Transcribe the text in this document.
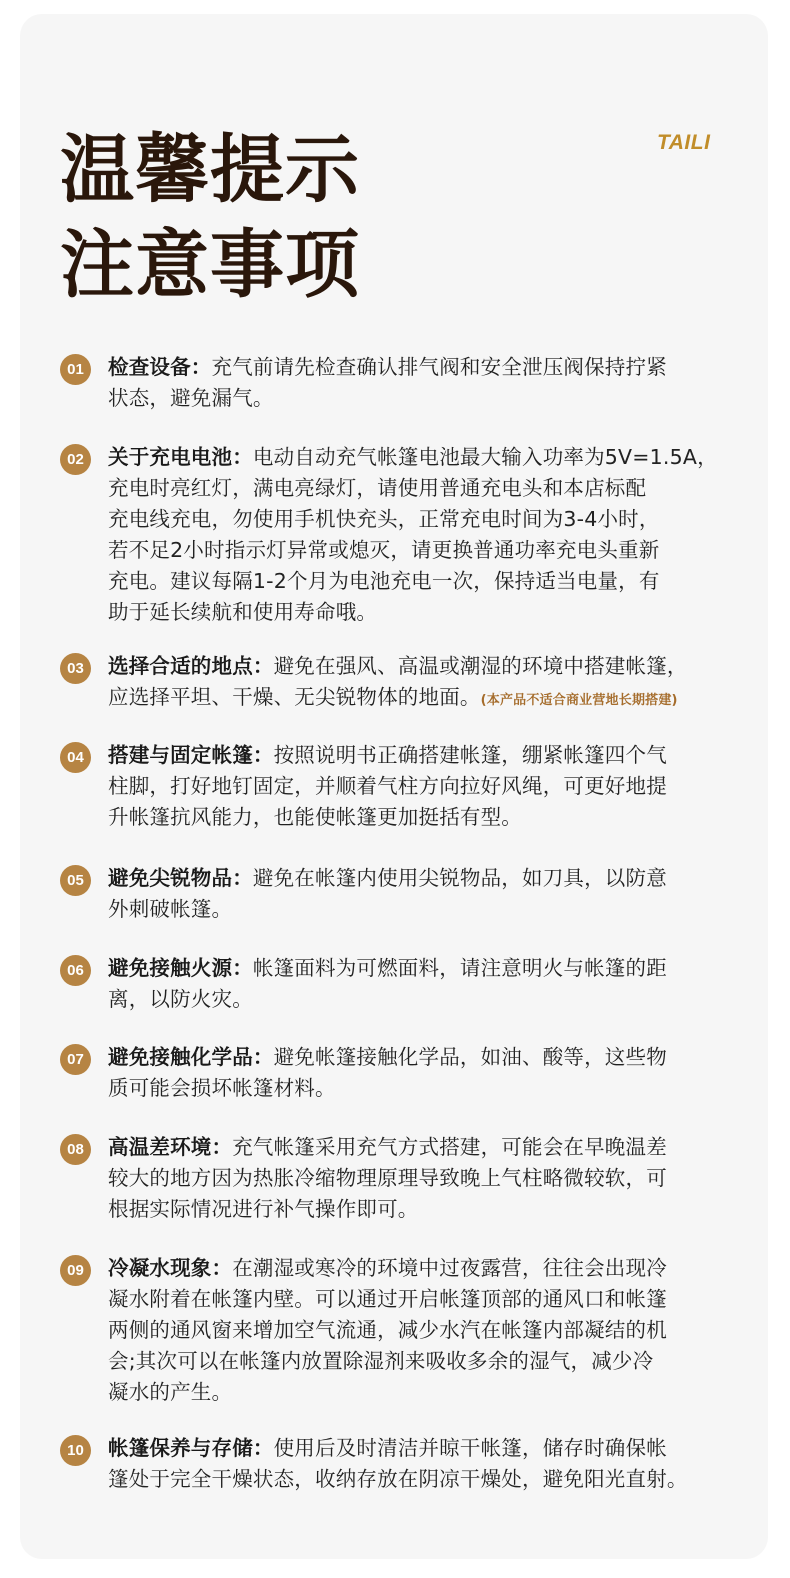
TAILI
温馨提示
注意事项
01	检查设备：充气前请先检查确认排气阀和安全泄压阀保持拧紧
状态，避免漏气。
02	关于充电电池：电动自动充气帐篷电池最大输入功率为5V=1.5A，
充电时亮红灯，满电亮绿灯，请使用普通充电头和本店标配
充电线充电，勿使用手机快充头，正常充电时间为3-4小时，
若不足2小时指示灯异常或熄灭，请更换普通功率充电头重新
充电。建议每隔1-2个月为电池充电一次，保持适当电量，有
助于延长续航和使用寿命哦。
03	选择合适的地点：避免在强风、高温或潮湿的环境中搭建帐篷，
应选择平坦、干燥、无尖锐物体的地面。(本产品不适合商业营地长期搭建)
04	搭建与固定帐篷：按照说明书正确搭建帐篷，绷紧帐篷四个气
柱脚，打好地钉固定，并顺着气柱方向拉好风绳，可更好地提
升帐篷抗风能力，也能使帐篷更加挺括有型。
05	避免尖锐物品：避免在帐篷内使用尖锐物品，如刀具，以防意
外刺破帐篷。
06	避免接触火源：帐篷面料为可燃面料，请注意明火与帐篷的距
离，以防火灾。
07	避免接触化学品：避免帐篷接触化学品，如油、酸等，这些物
质可能会损坏帐篷材料。
08	高温差环境：充气帐篷采用充气方式搭建，可能会在早晚温差
较大的地方因为热胀冷缩物理原理导致晚上气柱略微较软，可
根据实际情况进行补气操作即可。
09	冷凝水现象：在潮湿或寒冷的环境中过夜露营，往往会出现冷
凝水附着在帐篷内壁。可以通过开启帐篷顶部的通风口和帐篷
两侧的通风窗来增加空气流通，减少水汽在帐篷内部凝结的机
会;其次可以在帐篷内放置除湿剂来吸收多余的湿气，减少冷
凝水的产生。
10	帐篷保养与存储：使用后及时清洁并晾干帐篷，储存时确保帐
篷处于完全干燥状态，收纳存放在阴凉干燥处，避免阳光直射。
